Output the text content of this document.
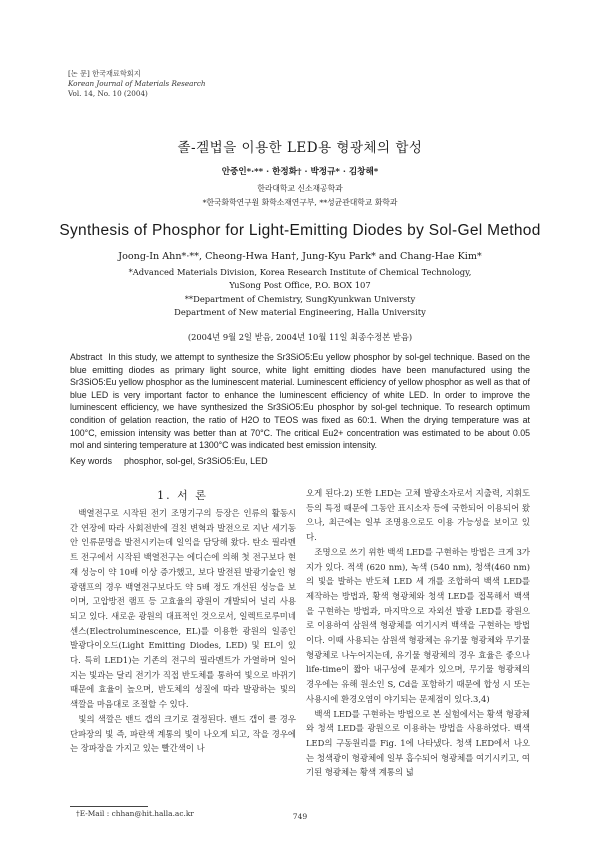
[논 문] 한국재료학회지
Korean Journal of Materials Research
Vol. 14, No. 10 (2004)
졸-겔법을 이용한 LED용 형광체의 합성
안중인*·** · 한정화† · 박정규* · 김창해*
한라대학교 신소재공학과
*한국화학연구원 화학소재연구부, **성균관대학교 화학과
Synthesis of Phosphor for Light-Emitting Diodes by Sol-Gel Method
Joong-In Ahn*·**, Cheong-Hwa Han†, Jung-Kyu Park* and Chang-Hae Kim*
*Advanced Materials Division, Korea Research Institute of Chemical Technology,
YuSong Post Office, P.O. BOX 107
**Department of Chemistry, SungKyunkwan Universty
Department of New material Engineering, Halla University
(2004년 9월 2일 받음, 2004년 10월 11일 최종수정본 받음)
Abstract In this study, we attempt to synthesize the Sr3SiO5:Eu yellow phosphor by sol-gel technique. Based on the blue emitting diodes as primary light source, white light emitting diodes have been manufactured using the Sr3SiO5:Eu yellow phosphor as the luminescent material. Luminescent efficiency of yellow phosphor as well as that of blue LED is very important factor to enhance the luminescent efficiency of white LED. In order to improve the luminescent efficiency, we have synthesized the Sr3SiO5:Eu phosphor by sol-gel technique. To research optimum condition of gelation reaction, the ratio of H2O to TEOS was fixed as 60:1. When the drying temperature was at 100°C, emission intensity was better than at 70°C. The critical Eu2+ concentration was estimated to be about 0.05 mol and sintering temperature at 1300°C was indicated best emission intensity.
Key words phosphor, sol-gel, Sr3SiO5:Eu, LED
1. 서 론

백열전구로 시작된 전기 조명기구의 등장은 인류의 활동시간 연장에 따라 사회전반에 걸친 변혁과 발전으로 지난 세기동안 인류문명을 발전시키는데 일익을 담당해 왔다. 탄소 필라멘트 전구에서 시작된 백열전구는 에디슨에 의해 첫 전구보다 현재 성능이 약 10배 이상 증가했고, 보다 발전된 발광기술인 형광램프의 경우 백열전구보다도 약 5배 정도 개선된 성능을 보이며, 고압방전 램프 등 고효율의 광원이 개발되어 널리 사용되고 있다. 새로운 광원의 대표적인 것으로서, 일렉트로루미네센스(Electroluminescence, EL)를 이용한 광원의 일종인 발광다이오드(Light Emitting Diodes, LED) 및 EL이 있다. 특히 LED1)는 기존의 전구의 필라멘트가 가열하며 일어지는 빛과는 달리 전기가 직접 반도체를 통하여 빛으로 바뀌기 때문에 효율이 높으며, 반도체의 성질에 따라 발광하는 빛의 색깔을 마음대로 조절할 수 있다.

빛의 색깔은 밴드 갭의 크기로 결정된다. 밴드 갭이 클 경우 단파장의 빛 즉, 파란색 계통의 빛이 나오게 되고, 작을 경우에는 장파장을 가지고 있는 빨간색이 나

오게 된다.2) 또한 LED는 고체 발광소자로서 지출력, 지휘도 등의 특정 때문에 그동안 표시소자 등에 국한되어 이용되어 왔으나, 최근에는 일부 조명용으로도 이용 가능성을 보이고 있다.

조명으로 쓰기 위한 백색 LED를 구현하는 방법은 크게 3가지가 있다. 적색 (620 nm), 녹색 (540 nm), 청색(460 nm)의 빛을 발하는 반도체 LED 세 개를 조합하여 백색 LED를 제작하는 방법과, 황색 형광체와 청색 LED를 접목해서 백색을 구현하는 방법과, 마지막으로 자외선 발광 LED를 광원으로 이용하여 삼원색 형광체를 여기시켜 백색을 구현하는 방법이다. 이때 사용되는 삼원색 형광체는 유기물 형광체와 무기물 형광체로 나누어지는데, 유기물 형광체의 경우 효율은 좋으나 life-time이 짧아 내구성에 문제가 있으며, 무기물 형광체의 경우에는 유해 원소인 S, Cd을 포함하기 때문에 합성 시 또는 사용시에 환경오염이 야기되는 문제점이 있다.3,4)

백색 LED를 구현하는 방법으로 본 실험에서는 황색 형광체와 청색 LED를 광원으로 이용하는 방법을 사용하였다. 백색 LED의 구동원리를 Fig. 1에 나타냈다. 청색 LED에서 나오는 청색광이 형광체에 일부 흡수되어 형광체를 여기시키고, 여기된 형광체는 황색 계통의 넓

†E-Mail : chhan@hit.halla.ac.kr	749
